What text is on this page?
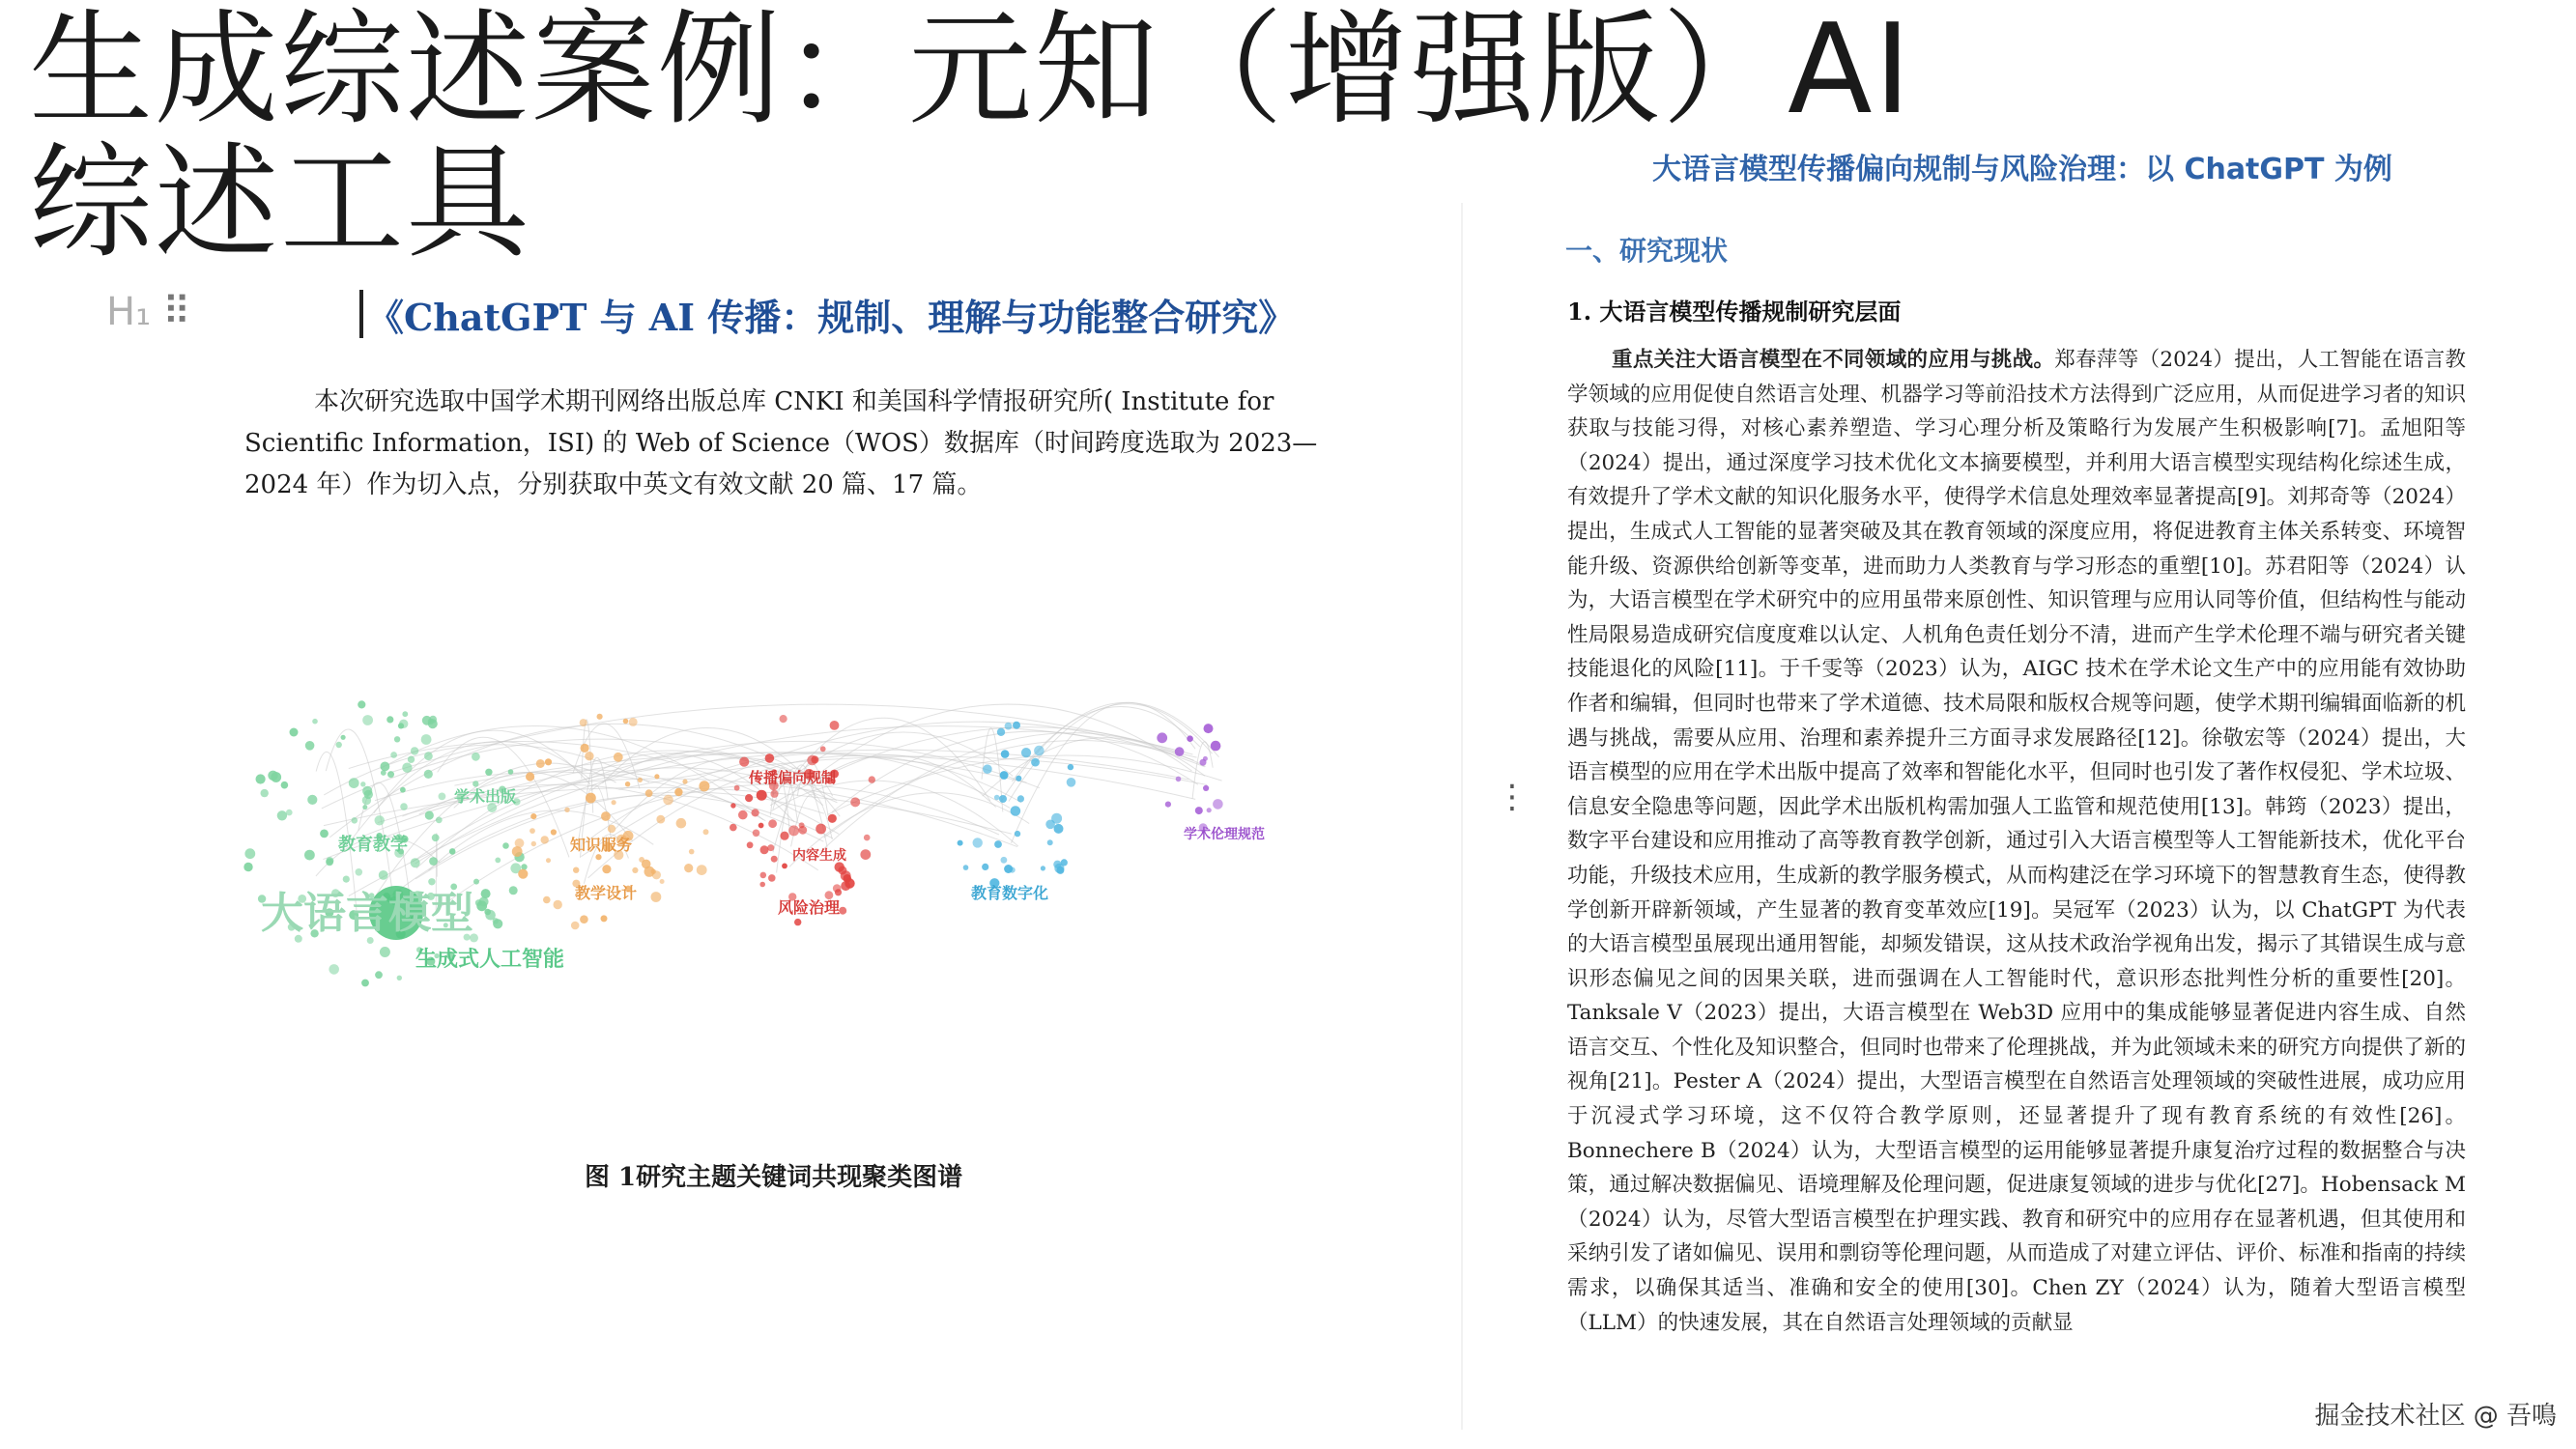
生成综述案例：元知（增强版）AI综述工具
H₁ ⠿	《ChatGPT 与 AI 传播：规制、理解与功能整合研究》
本次研究选取中国学术期刊网络出版总库 CNKI 和美国科学情报研究所( Institute for Scientific Information，ISI) 的 Web of Science（WOS）数据库（时间跨度选取为 2023—2024 年）作为切入点，分别获取中英文有效文献 20 篇、17 篇。
大语言模型
生成式人工智能
教育教学
学术出版
知识服务
教学设计
传播偏向规制
风险治理
内容生成
教育数字化
学术伦理规范
图 1研究主题关键词共现聚类图谱
⋮
大语言模型传播偏向规制与风险治理：以 ChatGPT 为例
一、研究现状
1. 大语言模型传播规制研究层面
重点关注大语言模型在不同领域的应用与挑战。郑春萍等（2024）提出，人工智能在语言教学领域的应用促使自然语言处理、机器学习等前沿技术方法得到广泛应用，从而促进学习者的知识获取与技能习得，对核心素养塑造、学习心理分析及策略行为发展产生积极影响[7]。孟旭阳等（2024）提出，通过深度学习技术优化文本摘要模型，并利用大语言模型实现结构化综述生成，有效提升了学术文献的知识化服务水平，使得学术信息处理效率显著提高[9]。刘邦奇等（2024）提出，生成式人工智能的显著突破及其在教育领域的深度应用，将促进教育主体关系转变、环境智能升级、资源供给创新等变革，进而助力人类教育与学习形态的重塑[10]。苏君阳等（2024）认为，大语言模型在学术研究中的应用虽带来原创性、知识管理与应用认同等价值，但结构性与能动性局限易造成研究信度度难以认定、人机角色责任划分不清，进而产生学术伦理不端与研究者关键技能退化的风险[11]。于千雯等（2023）认为，AIGC 技术在学术论文生产中的应用能有效协助作者和编辑，但同时也带来了学术道德、技术局限和版权合规等问题，使学术期刊编辑面临新的机遇与挑战，需要从应用、治理和素养提升三方面寻求发展路径[12]。徐敬宏等（2024）提出，大语言模型的应用在学术出版中提高了效率和智能化水平，但同时也引发了著作权侵犯、学术垃圾、信息安全隐患等问题，因此学术出版机构需加强人工监管和规范使用[13]。韩筠（2023）提出，数字平台建设和应用推动了高等教育教学创新，通过引入大语言模型等人工智能新技术，优化平台功能，升级技术应用，生成新的教学服务模式，从而构建泛在学习环境下的智慧教育生态，使得教学创新开辟新领域，产生显著的教育变革效应[19]。吴冠军（2023）认为，以 ChatGPT 为代表的大语言模型虽展现出通用智能，却频发错误，这从技术政治学视角出发，揭示了其错误生成与意识形态偏见之间的因果关联，进而强调在人工智能时代，意识形态批判性分析的重要性[20]。Tanksale V（2023）提出，大语言模型在 Web3D 应用中的集成能够显著促进内容生成、自然语言交互、个性化及知识整合，但同时也带来了伦理挑战，并为此领域未来的研究方向提供了新的视角[21]。Pester A（2024）提出，大型语言模型在自然语言处理领域的突破性进展，成功应用于沉浸式学习环境，这不仅符合教学原则，还显著提升了现有教育系统的有效性[26]。Bonnechere B（2024）认为，大型语言模型的运用能够显著提升康复治疗过程的数据整合与决策，通过解决数据偏见、语境理解及伦理问题，促进康复领域的进步与优化[27]。Hobensack M（2024）认为，尽管大型语言模型在护理实践、教育和研究中的应用存在显著机遇，但其使用和采纳引发了诸如偏见、误用和剽窃等伦理问题，从而造成了对建立评估、评价、标准和指南的持续需求，以确保其适当、准确和安全的使用[30]。Chen ZY（2024）认为，随着大型语言模型（LLM）的快速发展，其在自然语言处理领域的贡献显
掘金技术社区 @ 吾鳴
